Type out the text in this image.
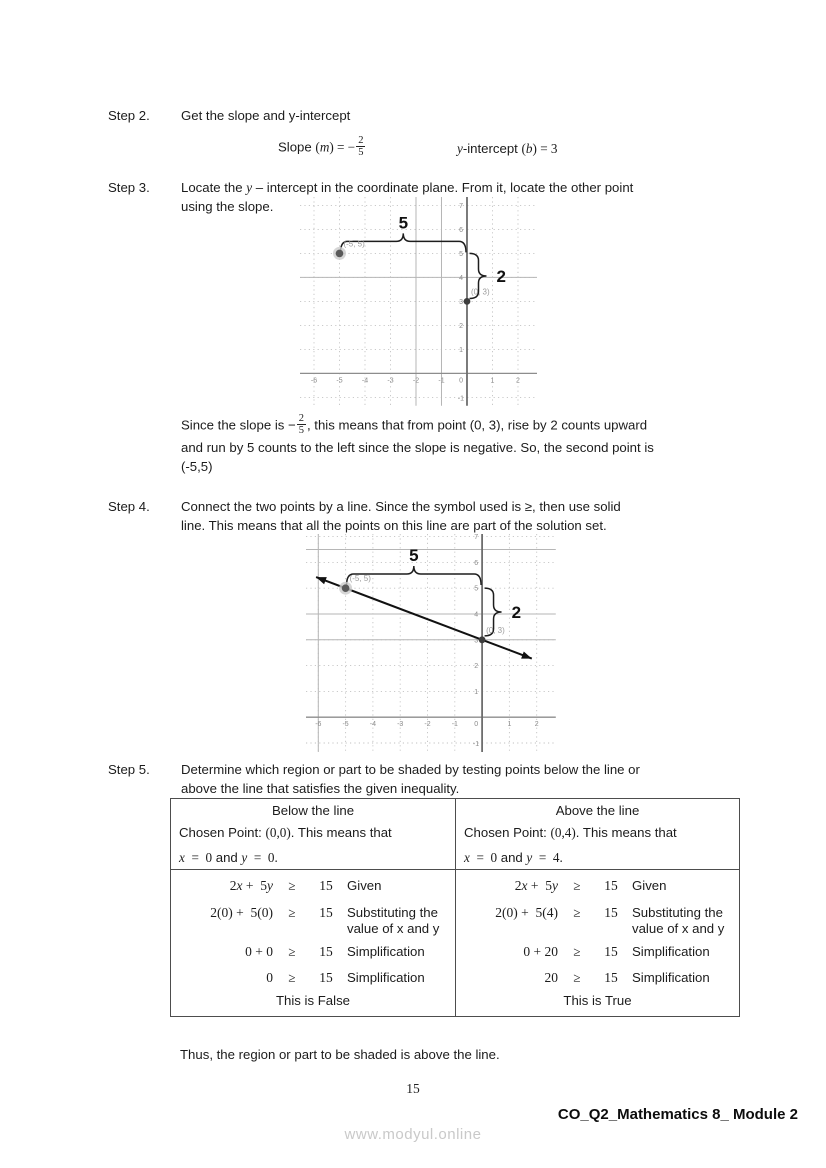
Step 2.	Get the slope and y-intercept
Slope (m) = − $\frac{2}{5}$	y-intercept (b) = 3
Step 3.	Locate the y – intercept in the coordinate plane. From it, locate the other point
using the slope.
-6	-5	-4	-3	-2	-1	1	2
7
6
5
4
3
2
1
0
-1
5
2
(-5, 5)
(0, 3)
Since the slope is − $\frac{2}{5}$ , this means that from point (0, 3), rise by 2 counts upward
and run by 5 counts to the left since the slope is negative. So, the second point is
(-5,5)
Step 4.	Connect the two points by a line. Since the symbol used is ≥, then use solid
line. This means that all the points on this line are part of the solution set.
-6	-5	-4	-3	-2	-1	1	2
7
6
5
4
3
2
1
0
-1
5
2
(-5, 5)
(0, 3)
Step 5.	Determine which region or part to be shaded by testing points below the line or
above the line that satisfies the given inequality.
Below the line
Chosen Point: (0,0). This means that
x  =  0 and y  =  0.
Above the line
Chosen Point: (0,4). This means that
x  =  0 and y  =  4.
2x +  5y	≥	15	Given
2(0) +  5(0)	≥	15	Substituting the value of x and y
0 + 0	≥	15	Simplification
0	≥	15	Simplification
This is False
2x +  5y	≥	15	Given
2(0) +  5(4)	≥	15	Substituting the value of x and y
0 + 20	≥	15	Simplification
20	≥	15	Simplification
This is True
Thus, the region or part to be shaded is above the line.
15
CO_Q2_Mathematics 8_ Module 2
www.modyul.online
